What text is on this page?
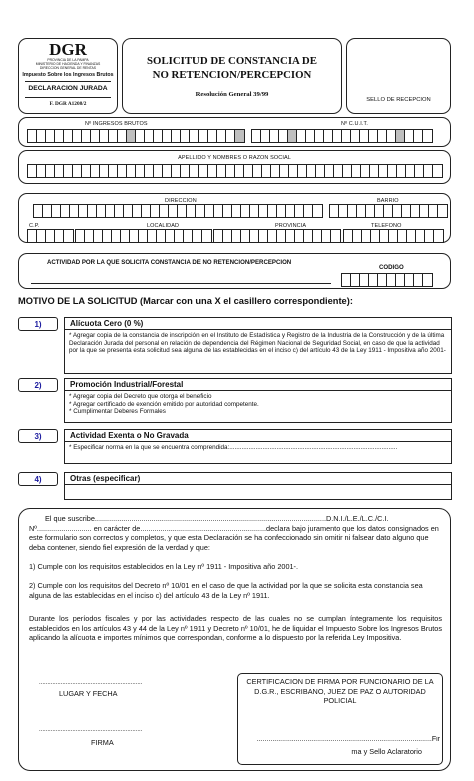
DGR
PROVINCIA DE LA PAMPA
MINISTERIO DE HACIENDA Y FINANZAS
DIRECCION GENERAL DE RENTAS
Impuesto Sobre los Ingresos Brutos
DECLARACION JURADA
F. DGR A1208/2
SOLICITUD DE CONSTANCIA DE NO RETENCION/PERCEPCION
Resolución General 39/99
SELLO DE RECEPCION
Nº INGRESOS BRUTOS	Nº C.U.I.T.
APELLIDO Y NOMBRES O RAZON SOCIAL
DIRECCION	BARRIO
C.P.	LOCALIDAD	PROVINCIA	TELEFONO
ACTIVIDAD POR LA QUE SOLICITA CONSTANCIA DE NO RETENCION/PERCEPCION
CODIGO
MOTIVO DE LA SOLICITUD (Marcar con una X el casillero correspondiente):
1)	Alícuota Cero (0 %)
* Agregar copia de la constancia de inscripción en el Instituto de Estadística y Registro de la Industria de la Construcción y de la última Declaración Jurada del personal en relación de dependencia del Régimen Nacional de Seguridad Social, en caso de que la actividad por la que se presenta esta solicitud sea alguna de las establecidas en el inciso c) del artículo 43 de la Ley 1911 - Impositiva año 2001-
2)	Promoción Industrial/Forestal
* Agregar copia del Decreto que otorga el beneficio
* Agregar certificado de exención emitido por autoridad competente.
* Cumplimentar Deberes Formales
3)	Actividad Exenta o No Gravada
* Especificar norma en la que se encuentra comprendida:................................................................................................
4)	Otras (especificar)

El que suscribe..................................................................................................................D.N.I./L.E./L.C./C.I. Nº........................... en carácter de..............................................................declara bajo juramento que los datos consignados en este formulario son correctos y completos, y que esta Declaración se ha confeccionado sin omitir ni falsear dato alguno que deba contener, siendo fiel expresión de la verdad y que:

1) Cumple con los requisitos establecidos en la Ley nº 1911 - Impositiva año 2001-.

2) Cumple con los requisitos del Decreto nº 10/01 en el caso de que la actividad por la que se solicita esta constancia sea alguna de las establecidas en el inciso c) del artículo 43 de la Ley nº 1911.

Durante los períodos fiscales y por las actividades respecto de las cuales no se cumplan íntegramente los requisitos establecidos en los artículos 43 y 44 de la Ley nº 1911 y Decreto nº 10/01, he de liquidar el Impuesto Sobre los Ingresos Brutos aplicando la alícuota e importes mínimos que correspondan, conforme a lo dispuesto por la referida Ley Impositiva.

..............................................................
LUGAR Y FECHA
..............................................................
FIRMA
CERTIFICACION DE FIRMA POR FUNCIONARIO DE LA D.G.R., ESCRIBANO, JUEZ DE PAZ O AUTORIDAD POLICIAL
..........................................................................................Fir
ma y Sello Aclaratorio
